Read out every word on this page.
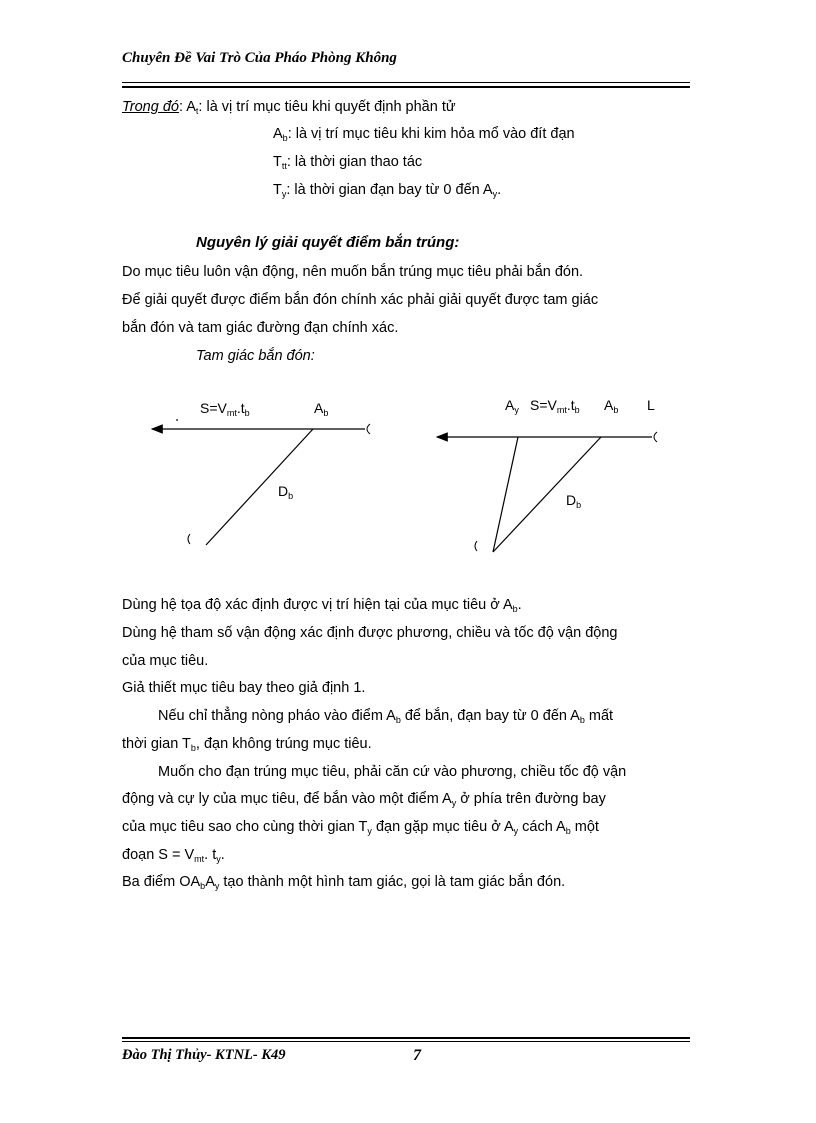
Chuyên Đề Vai Trò Của Pháo Phòng Không
Trong đó: $A_t$: là vị trí mục tiêu khi quyết định phần tử
$A_b$: là vị trí mục tiêu khi kim hỏa mổ vào đít đạn
$T_{tt}$: là thời gian thao tác
$T_y$: là thời gian đạn bay từ 0 đến $A_y$.
Nguyên lý giải quyết điểm bắn trúng:
Do mục tiêu luôn vận động, nên muốn bắn trúng mục tiêu phải bắn đón.
Để giải quyết được điểm bắn đón chính xác phải giải quyết được tam giác
bắn đón và tam giác đường đạn chính xác.
Tam giác bắn đón:
$S=V_{mt}.t_b$	$A_b$
$D_b$
$A_y$ $S=V_{mt}.t_b$ $A_b$ L
$D_b$
Dùng hệ tọa độ xác định được vị trí hiện tại của mục tiêu ở $A_b$.
Dùng hệ tham số vận động xác định được phương, chiều và tốc độ vận động
của mục tiêu.
Giả thiết mục tiêu bay theo giả định 1.
Nếu chỉ thẳng nòng pháo vào điểm $A_b$ để bắn, đạn bay từ 0 đến $A_b$ mất
thời gian $T_b$, đạn không trúng mục tiêu.
Muốn cho đạn trúng mục tiêu, phải căn cứ vào phương, chiều tốc độ vận
động và cự ly của mục tiêu, để bắn vào một điểm $A_y$ ở phía trên đường bay
của mục tiêu sao cho cùng thời gian $T_y$ đạn gặp mục tiêu ở $A_y$ cách $A_b$ một
đoạn $S = V_{mt}$. $t_y$.
Ba điểm $OA_bA_y$ tạo thành một hình tam giác, gọi là tam giác bắn đón.
Đào Thị Thủy- KTNL- K49	7
